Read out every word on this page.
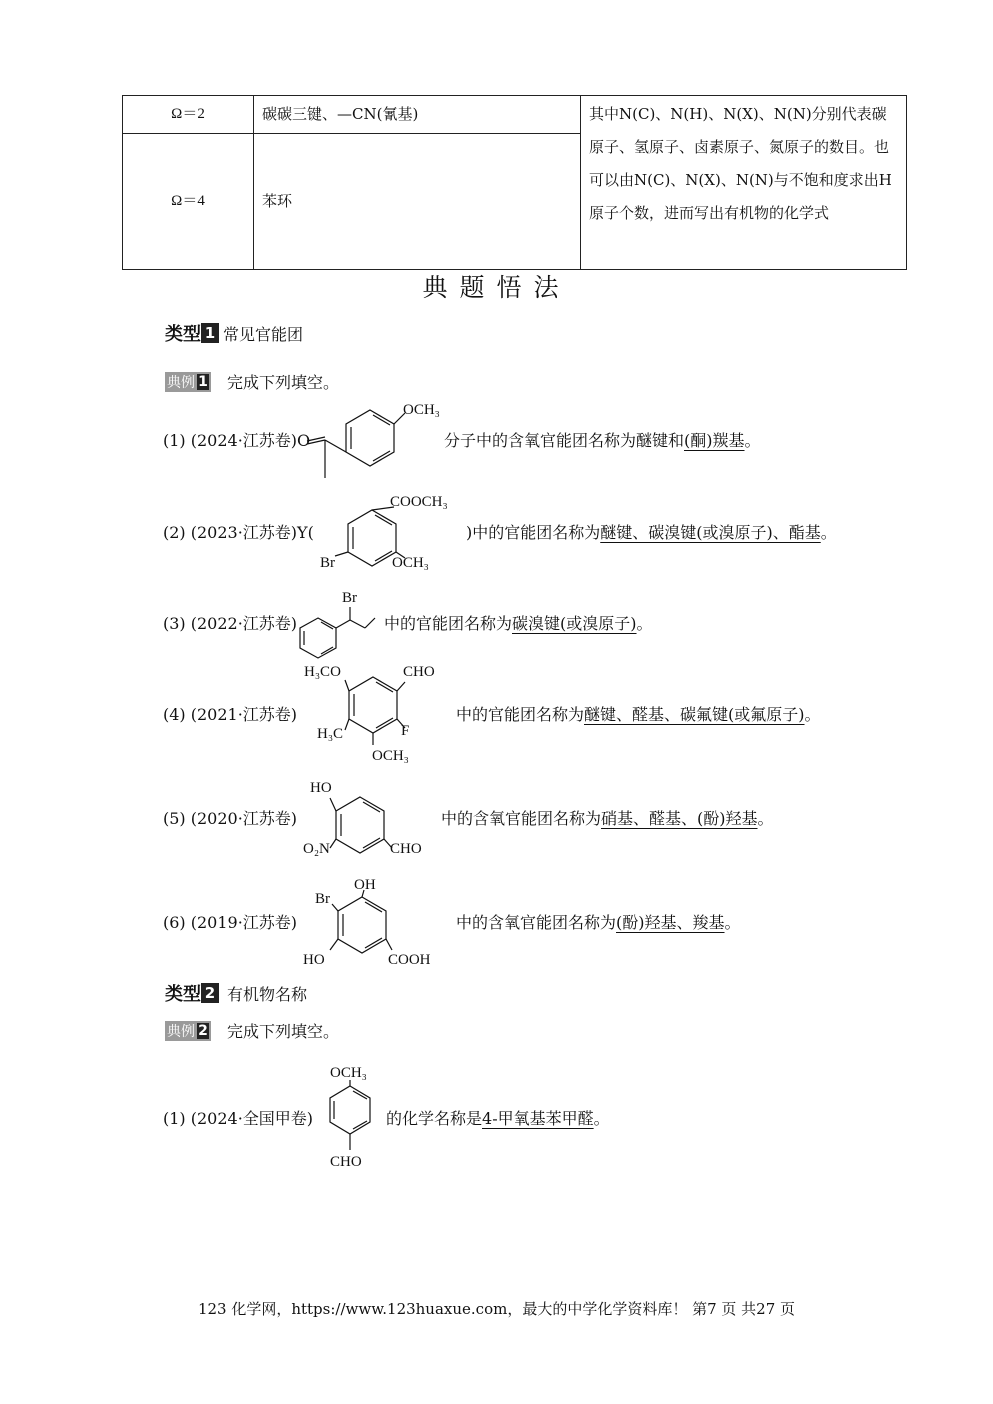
Ω＝2	碳碳三键、—CN(氰基)	其中N(C)、N(H)、N(X)、N(N)分别代表碳原子、氢原子、卤素原子、氮原子的数目。也可以由N(C)、N(X)、N(N)与不饱和度求出H原子个数，进而写出有机物的化学式

Ω＝4	苯环	
典题悟法
类型 1 常见官能团
典例 1 完成下列填空。
(1) (2024·江苏卷)O	分子中的含氧官能团名称为醚键和(酮)羰基。
(2) (2023·江苏卷)Y(	)中的官能团名称为醚键、碳溴键(或溴原子)、酯基。
(3) (2022·江苏卷)	中的官能团名称为碳溴键(或溴原子)。
(4) (2021·江苏卷)	中的官能团名称为醚键、醛基、碳氟键(或氟原子)。
(5) (2020·江苏卷)	中的含氧官能团名称为硝基、醛基、(酚)羟基。
(6) (2019·江苏卷)	中的含氧官能团名称为(酚)羟基、羧基。
类型 2 有机物名称
典例 2 完成下列填空。
(1) (2024·全国甲卷)	的化学名称是4-甲氧基苯甲醛。
OCH₃
COOCH₃
Br	OCH₃
Br
H₃CO	CHO
H₃C	F
OCH₃
HO
O₂N	CHO
Br
OH
HO	COOH
OCH₃
CHO
123 化学网，https://www.123huaxue.com，最大的中学化学资料库！ 第7 页 共27 页
